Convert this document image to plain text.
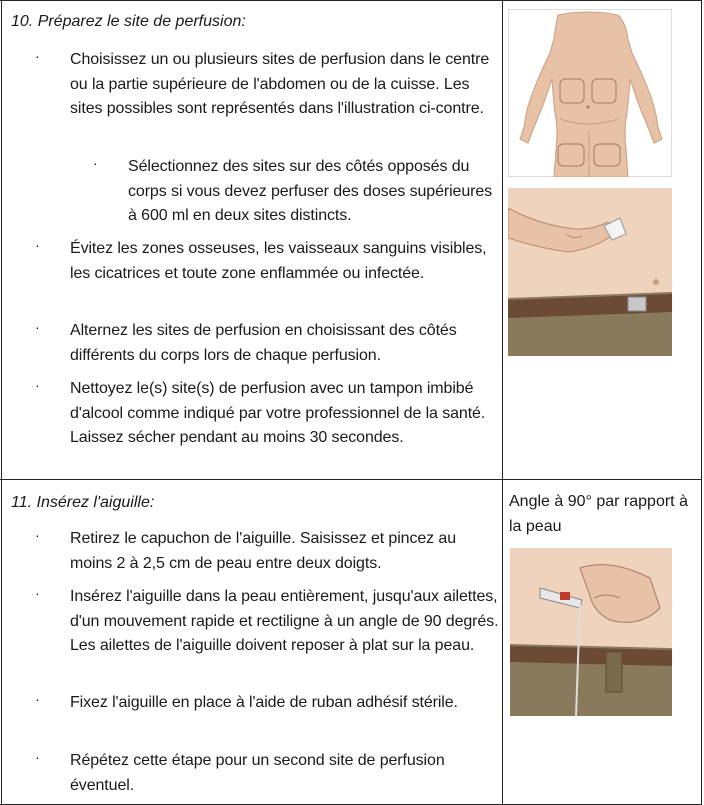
10. Préparez le site de perfusion:
· Choisissez un ou plusieurs sites de perfusion dans le centre ou la partie supérieure de l'abdomen ou de la cuisse. Les sites possibles sont représentés dans l'illustration ci-contre.
· Sélectionnez des sites sur des côtés opposés du corps si vous devez perfuser des doses supérieures à 600 ml en deux sites distincts.
· Évitez les zones osseuses, les vaisseaux sanguins visibles, les cicatrices et toute zone enflammée ou infectée.
· Alternez les sites de perfusion en choisissant des côtés différents du corps lors de chaque perfusion.
· Nettoyez le(s) site(s) de perfusion avec un tampon imbibé d'alcool comme indiqué par votre professionnel de la santé. Laissez sécher pendant au moins 30 secondes.
11. Insérez l'aiguille:	Angle à 90° par rapport à la peau
· Retirez le capuchon de l'aiguille. Saisissez et pincez au moins 2 à 2,5 cm de peau entre deux doigts.
· Insérez l'aiguille dans la peau entièrement, jusqu'aux ailettes, d'un mouvement rapide et rectiligne à un angle de 90 degrés. Les ailettes de l'aiguille doivent reposer à plat sur la peau.
· Fixez l'aiguille en place à l'aide de ruban adhésif stérile.
· Répétez cette étape pour un second site de perfusion éventuel.
